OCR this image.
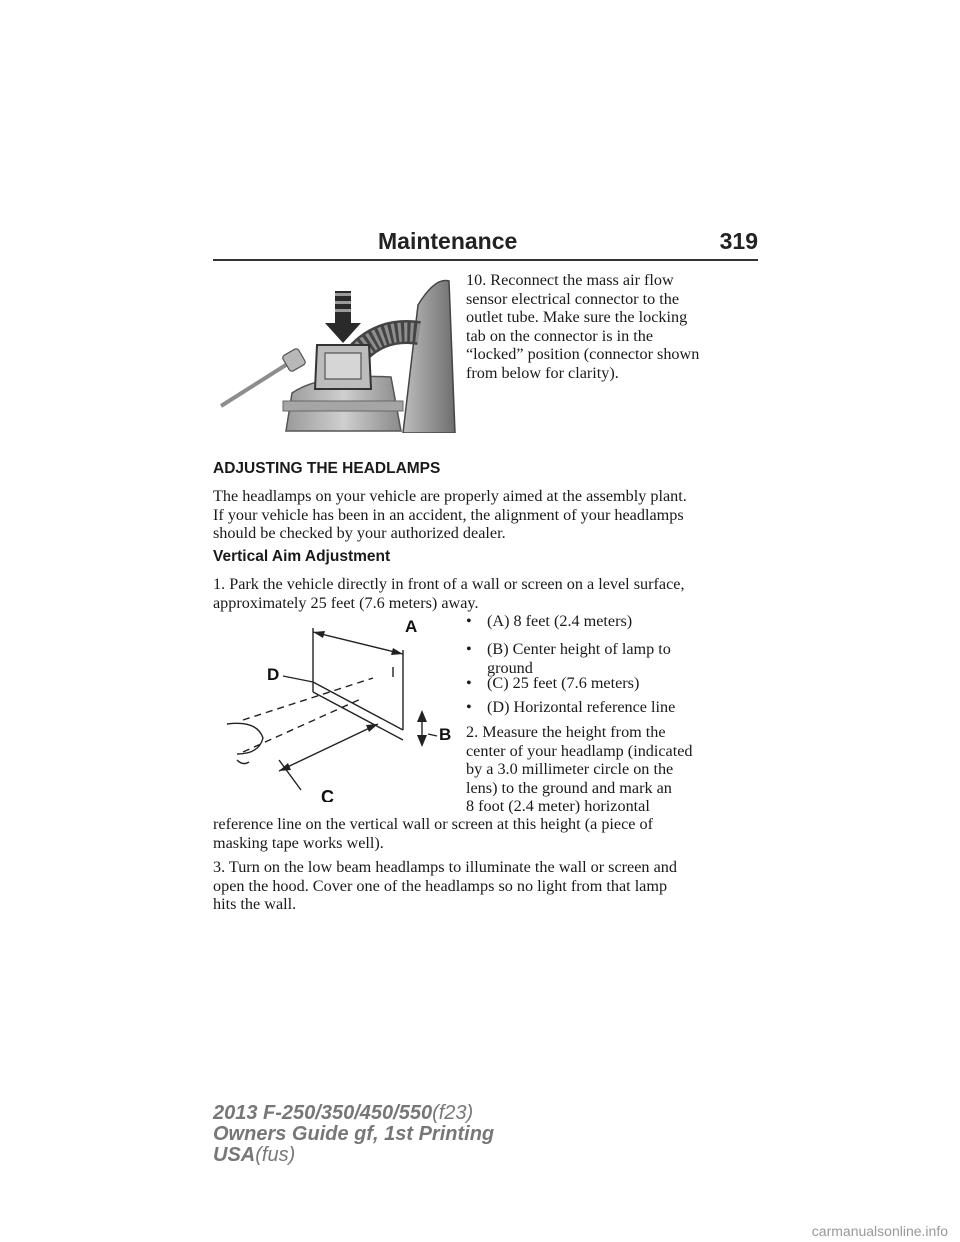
Maintenance	319
10. Reconnect the mass air flow
sensor electrical connector to the
outlet tube. Make sure the locking
tab on the connector is in the
“locked” position (connector shown
from below for clarity).
ADJUSTING THE HEADLAMPS
The headlamps on your vehicle are properly aimed at the assembly plant.
If your vehicle has been in an accident, the alignment of your headlamps
should be checked by your authorized dealer.
Vertical Aim Adjustment
1. Park the vehicle directly in front of a wall or screen on a level surface,
approximately 25 feet (7.6 meters) away.
A
D
B
C
• (A) 8 feet (2.4 meters)
• (B) Center height of lamp to
ground
• (C) 25 feet (7.6 meters)
• (D) Horizontal reference line
2. Measure the height from the
center of your headlamp (indicated
by a 3.0 millimeter circle on the
lens) to the ground and mark an
8 foot (2.4 meter) horizontal
reference line on the vertical wall or screen at this height (a piece of
masking tape works well).
3. Turn on the low beam headlamps to illuminate the wall or screen and
open the hood. Cover one of the headlamps so no light from that lamp
hits the wall.
2013 F-250/350/450/550(f23)
Owners Guide gf, 1st Printing
USA(fus)
carmanualsonline.info
